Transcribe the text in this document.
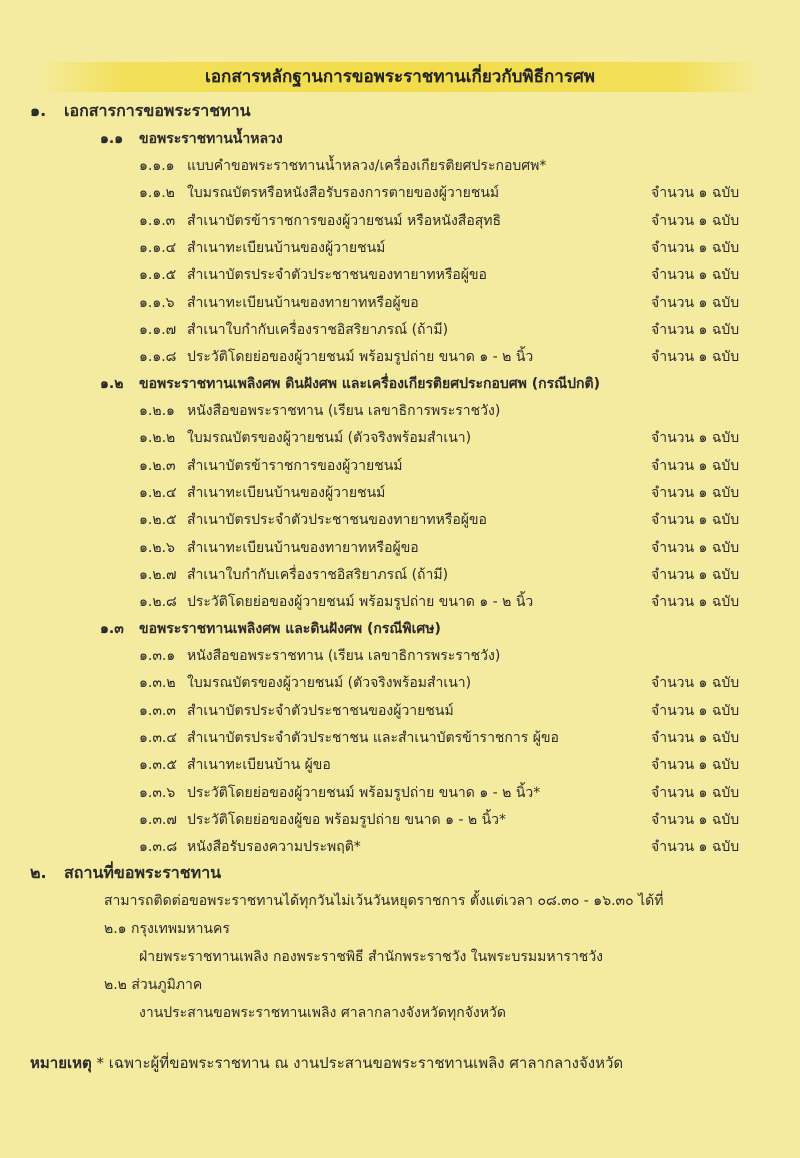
เอกสารหลักฐานการขอพระราชทานเกี่ยวกับพิธีการศพ
๑. เอกสารการขอพระราชทาน
๑.๑ ขอพระราชทานน้ำหลวง
๑.๑.๑ แบบคำขอพระราชทานน้ำหลวง/เครื่องเกียรติยศประกอบศพ*
๑.๑.๒ ใบมรณบัตรหรือหนังสือรับรองการตายของผู้วายชนม์	จำนวน ๑ ฉบับ
๑.๑.๓ สำเนาบัตรข้าราชการของผู้วายชนม์ หรือหนังสือสุทธิ	จำนวน ๑ ฉบับ
๑.๑.๔ สำเนาทะเบียนบ้านของผู้วายชนม์	จำนวน ๑ ฉบับ
๑.๑.๕ สำเนาบัตรประจำตัวประชาชนของทายาทหรือผู้ขอ	จำนวน ๑ ฉบับ
๑.๑.๖ สำเนาทะเบียนบ้านของทายาทหรือผู้ขอ	จำนวน ๑ ฉบับ
๑.๑.๗ สำเนาใบกำกับเครื่องราชอิสริยาภรณ์ (ถ้ามี)	จำนวน ๑ ฉบับ
๑.๑.๘ ประวัติโดยย่อของผู้วายชนม์ พร้อมรูปถ่าย ขนาด ๑ - ๒ นิ้ว	จำนวน ๑ ฉบับ
๑.๒ ขอพระราชทานเพลิงศพ ดินฝังศพ และเครื่องเกียรติยศประกอบศพ (กรณีปกติ)
๑.๒.๑ หนังสือขอพระราชทาน (เรียน เลขาธิการพระราชวัง)
๑.๒.๒ ใบมรณบัตรของผู้วายชนม์ (ตัวจริงพร้อมสำเนา)	จำนวน ๑ ฉบับ
๑.๒.๓ สำเนาบัตรข้าราชการของผู้วายชนม์	จำนวน ๑ ฉบับ
๑.๒.๔ สำเนาทะเบียนบ้านของผู้วายชนม์	จำนวน ๑ ฉบับ
๑.๒.๕ สำเนาบัตรประจำตัวประชาชนของทายาทหรือผู้ขอ	จำนวน ๑ ฉบับ
๑.๒.๖ สำเนาทะเบียนบ้านของทายาทหรือผู้ขอ	จำนวน ๑ ฉบับ
๑.๒.๗ สำเนาใบกำกับเครื่องราชอิสริยาภรณ์ (ถ้ามี)	จำนวน ๑ ฉบับ
๑.๒.๘ ประวัติโดยย่อของผู้วายชนม์ พร้อมรูปถ่าย ขนาด ๑ - ๒ นิ้ว	จำนวน ๑ ฉบับ
๑.๓ ขอพระราชทานเพลิงศพ และดินฝังศพ (กรณีพิเศษ)
๑.๓.๑ หนังสือขอพระราชทาน (เรียน เลขาธิการพระราชวัง)
๑.๓.๒ ใบมรณบัตรของผู้วายชนม์ (ตัวจริงพร้อมสำเนา)	จำนวน ๑ ฉบับ
๑.๓.๓ สำเนาบัตรประจำตัวประชาชนของผู้วายชนม์	จำนวน ๑ ฉบับ
๑.๓.๔ สำเนาบัตรประจำตัวประชาชน และสำเนาบัตรข้าราชการ ผู้ขอ	จำนวน ๑ ฉบับ
๑.๓.๕ สำเนาทะเบียนบ้าน ผู้ขอ	จำนวน ๑ ฉบับ
๑.๓.๖ ประวัติโดยย่อของผู้วายชนม์ พร้อมรูปถ่าย ขนาด ๑ - ๒ นิ้ว*	จำนวน ๑ ฉบับ
๑.๓.๗ ประวัติโดยย่อของผู้ขอ พร้อมรูปถ่าย ขนาด ๑ - ๒ นิ้ว*	จำนวน ๑ ฉบับ
๑.๓.๘ หนังสือรับรองความประพฤติ*	จำนวน ๑ ฉบับ
๒. สถานที่ขอพระราชทาน
สามารถติดต่อขอพระราชทานได้ทุกวันไม่เว้นวันหยุดราชการ ตั้งแต่เวลา ๐๘.๓๐ - ๑๖.๓๐ ได้ที่
๒.๑ กรุงเทพมหานคร
ฝ่ายพระราชทานเพลิง กองพระราชพิธี สำนักพระราชวัง ในพระบรมมหาราชวัง
๒.๒ ส่วนภูมิภาค
งานประสานขอพระราชทานเพลิง ศาลากลางจังหวัดทุกจังหวัด
หมายเหตุ * เฉพาะผู้ที่ขอพระราชทาน ณ งานประสานขอพระราชทานเพลิง ศาลากลางจังหวัด
